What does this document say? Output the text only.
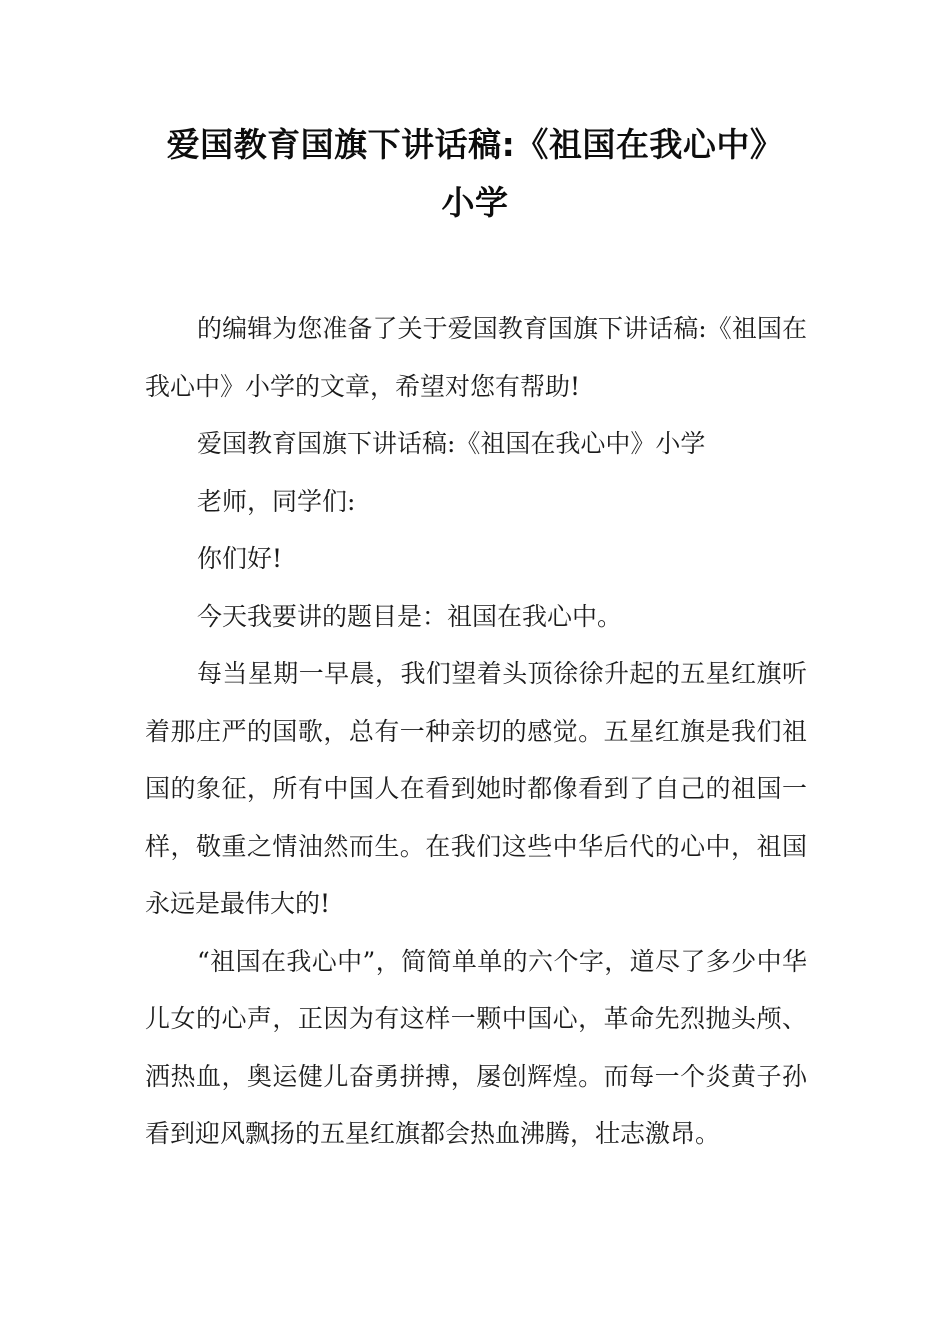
爱国教育国旗下讲话稿:《祖国在我心中》
小学

的编辑为您准备了关于爱国教育国旗下讲话稿:《祖国在我心中》小学的文章，希望对您有帮助!

爱国教育国旗下讲话稿:《祖国在我心中》小学

老师，同学们:

你们好!

今天我要讲的题目是：祖国在我心中。

每当星期一早晨，我们望着头顶徐徐升起的五星红旗听着那庄严的国歌，总有一种亲切的感觉。五星红旗是我们祖国的象征，所有中国人在看到她时都像看到了自己的祖国一样，敬重之情油然而生。在我们这些中华后代的心中，祖国永远是最伟大的!

“祖国在我心中”，简简单单的六个字，道尽了多少中华儿女的心声，正因为有这样一颗中国心，革命先烈抛头颅、洒热血，奥运健儿奋勇拼搏，屡创辉煌。而每一个炎黄子孙看到迎风飘扬的五星红旗都会热血沸腾，壮志激昂。
